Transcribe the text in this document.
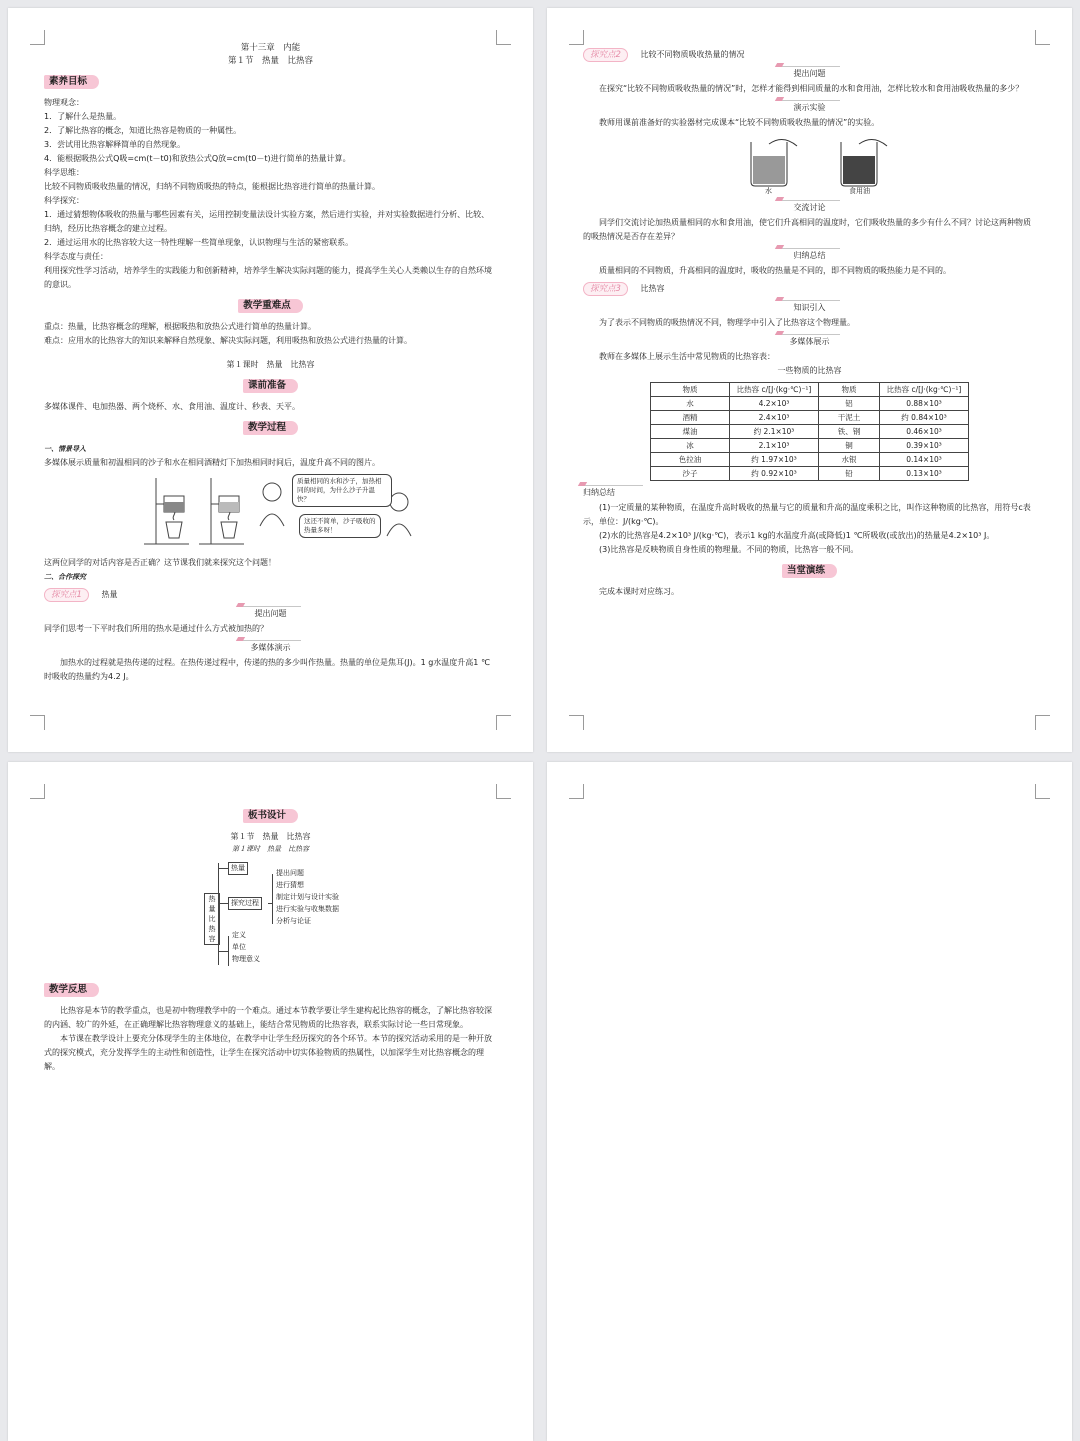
第十三章　内能
第１节　热量　比热容
素养目标

物理观念：

1．了解什么是热量。

2．了解比热容的概念，知道比热容是物质的一种属性。

3．尝试用比热容解释简单的自然现象。

4．能根据吸热公式Q吸=cm(t－t0)和放热公式Q放=cm(t0－t)进行简单的热量计算。

科学思维：

比较不同物质吸收热量的情况，归纳不同物质吸热的特点，能根据比热容进行简单的热量计算。

科学探究：

1．通过猜想物体吸收的热量与哪些因素有关，运用控制变量法设计实验方案，然后进行实验，并对实验数据进行分析、比较、归纳，经历比热容概念的建立过程。

2．通过运用水的比热容较大这一特性理解一些简单现象，认识物理与生活的紧密联系。

科学态度与责任：

利用探究性学习活动，培养学生的实践能力和创新精神，培养学生解决实际问题的能力，提高学生关心人类赖以生存的自然环境的意识。

教学重难点

重点：热量，比热容概念的理解，根据吸热和放热公式进行简单的热量计算。

难点：应用水的比热容大的知识来解释自然现象、解决实际问题，利用吸热和放热公式进行热量的计算。

第１课时　热量　比热容
课前准备

多媒体课件、电加热器、两个烧杯、水、食用油、温度计、秒表、天平。

教学过程

一、情景导入

多媒体展示质量和初温相同的沙子和水在相同酒精灯下加热相同时间后，温度升高不同的图片。

质量相同的水和沙子，加热相同的时间，为什么沙子升温快？
这还不简单，沙子吸收的热量多呀！

这两位同学的对话内容是否正确？这节课我们就来探究这个问题！

二、合作探究

探究点1 热量
提出问题

同学们思考一下平时我们所用的热水是通过什么方式被加热的？

多媒体演示

加热水的过程就是热传递的过程。在热传递过程中，传递的热的多少叫作热量。热量的单位是焦耳(J)。1 g水温度升高1 ℃时吸收的热量约为4.2 J。

探究点2 比较不同物质吸收热量的情况
提出问题

在探究“比较不同物质吸收热量的情况”时，怎样才能得到相同质量的水和食用油，怎样比较水和食用油吸收热量的多少？

演示实验

教师用课前准备好的实验器材完成课本“比较不同物质吸收热量的情况”的实验。

水	食用油
交流讨论

同学们交流讨论加热质量相同的水和食用油，使它们升高相同的温度时，它们吸收热量的多少有什么不同？讨论这两种物质的吸热情况是否存在差异？

归纳总结

质量相同的不同物质，升高相同的温度时，吸收的热量是不同的，即不同物质的吸热能力是不同的。

探究点3 比热容
知识引入

为了表示不同物质的吸热情况不同，物理学中引入了比热容这个物理量。

多媒体展示

教师在多媒体上展示生活中常见物质的比热容表：

一些物质的比热容
物质	比热容 c/[J·(kg·℃)⁻¹]	物质	比热容 c/[J·(kg·℃)⁻¹]
水	4.2×10³	铝	0.88×10³
酒精	2.4×10³	干泥土	约 0.84×10³
煤油	约 2.1×10³	铁、钢	0.46×10³
冰	2.1×10³	铜	0.39×10³
色拉油	约 1.97×10³	水银	0.14×10³
沙子	约 0.92×10³	铅	0.13×10³
归纳总结

(1)一定质量的某种物质，在温度升高时吸收的热量与它的质量和升高的温度乘积之比，叫作这种物质的比热容，用符号c表示，单位：J/(kg·℃)。

(2)水的比热容是4.2×10³ J/(kg·℃)，表示1 kg的水温度升高(或降低)1 ℃所吸收(或放出)的热量是4.2×10³ J。

(3)比热容是反映物质自身性质的物理量。不同的物质，比热容一般不同。

当堂演练

完成本课时对应练习。

板书设计
第１节　热量　比热容
第１课时　热量　比热容
热量 比热容
热量
探究过程
提出问题
进行猜想
制定计划与设计实验
进行实验与收集数据
分析与论证
定义
单位
物理意义
教学反思

比热容是本节的教学重点，也是初中物理教学中的一个难点。通过本节教学要让学生建构起比热容的概念，了解比热容较深的内涵、较广的外延，在正确理解比热容物理意义的基础上，能结合常见物质的比热容表，联系实际讨论一些日常现象。

本节课在教学设计上要充分体现学生的主体地位，在教学中让学生经历探究的各个环节。本节的探究活动采用的是一种开放式的探究模式，充分发挥学生的主动性和创造性，让学生在探究活动中切实体验物质的热属性，以加深学生对比热容概念的理解。
